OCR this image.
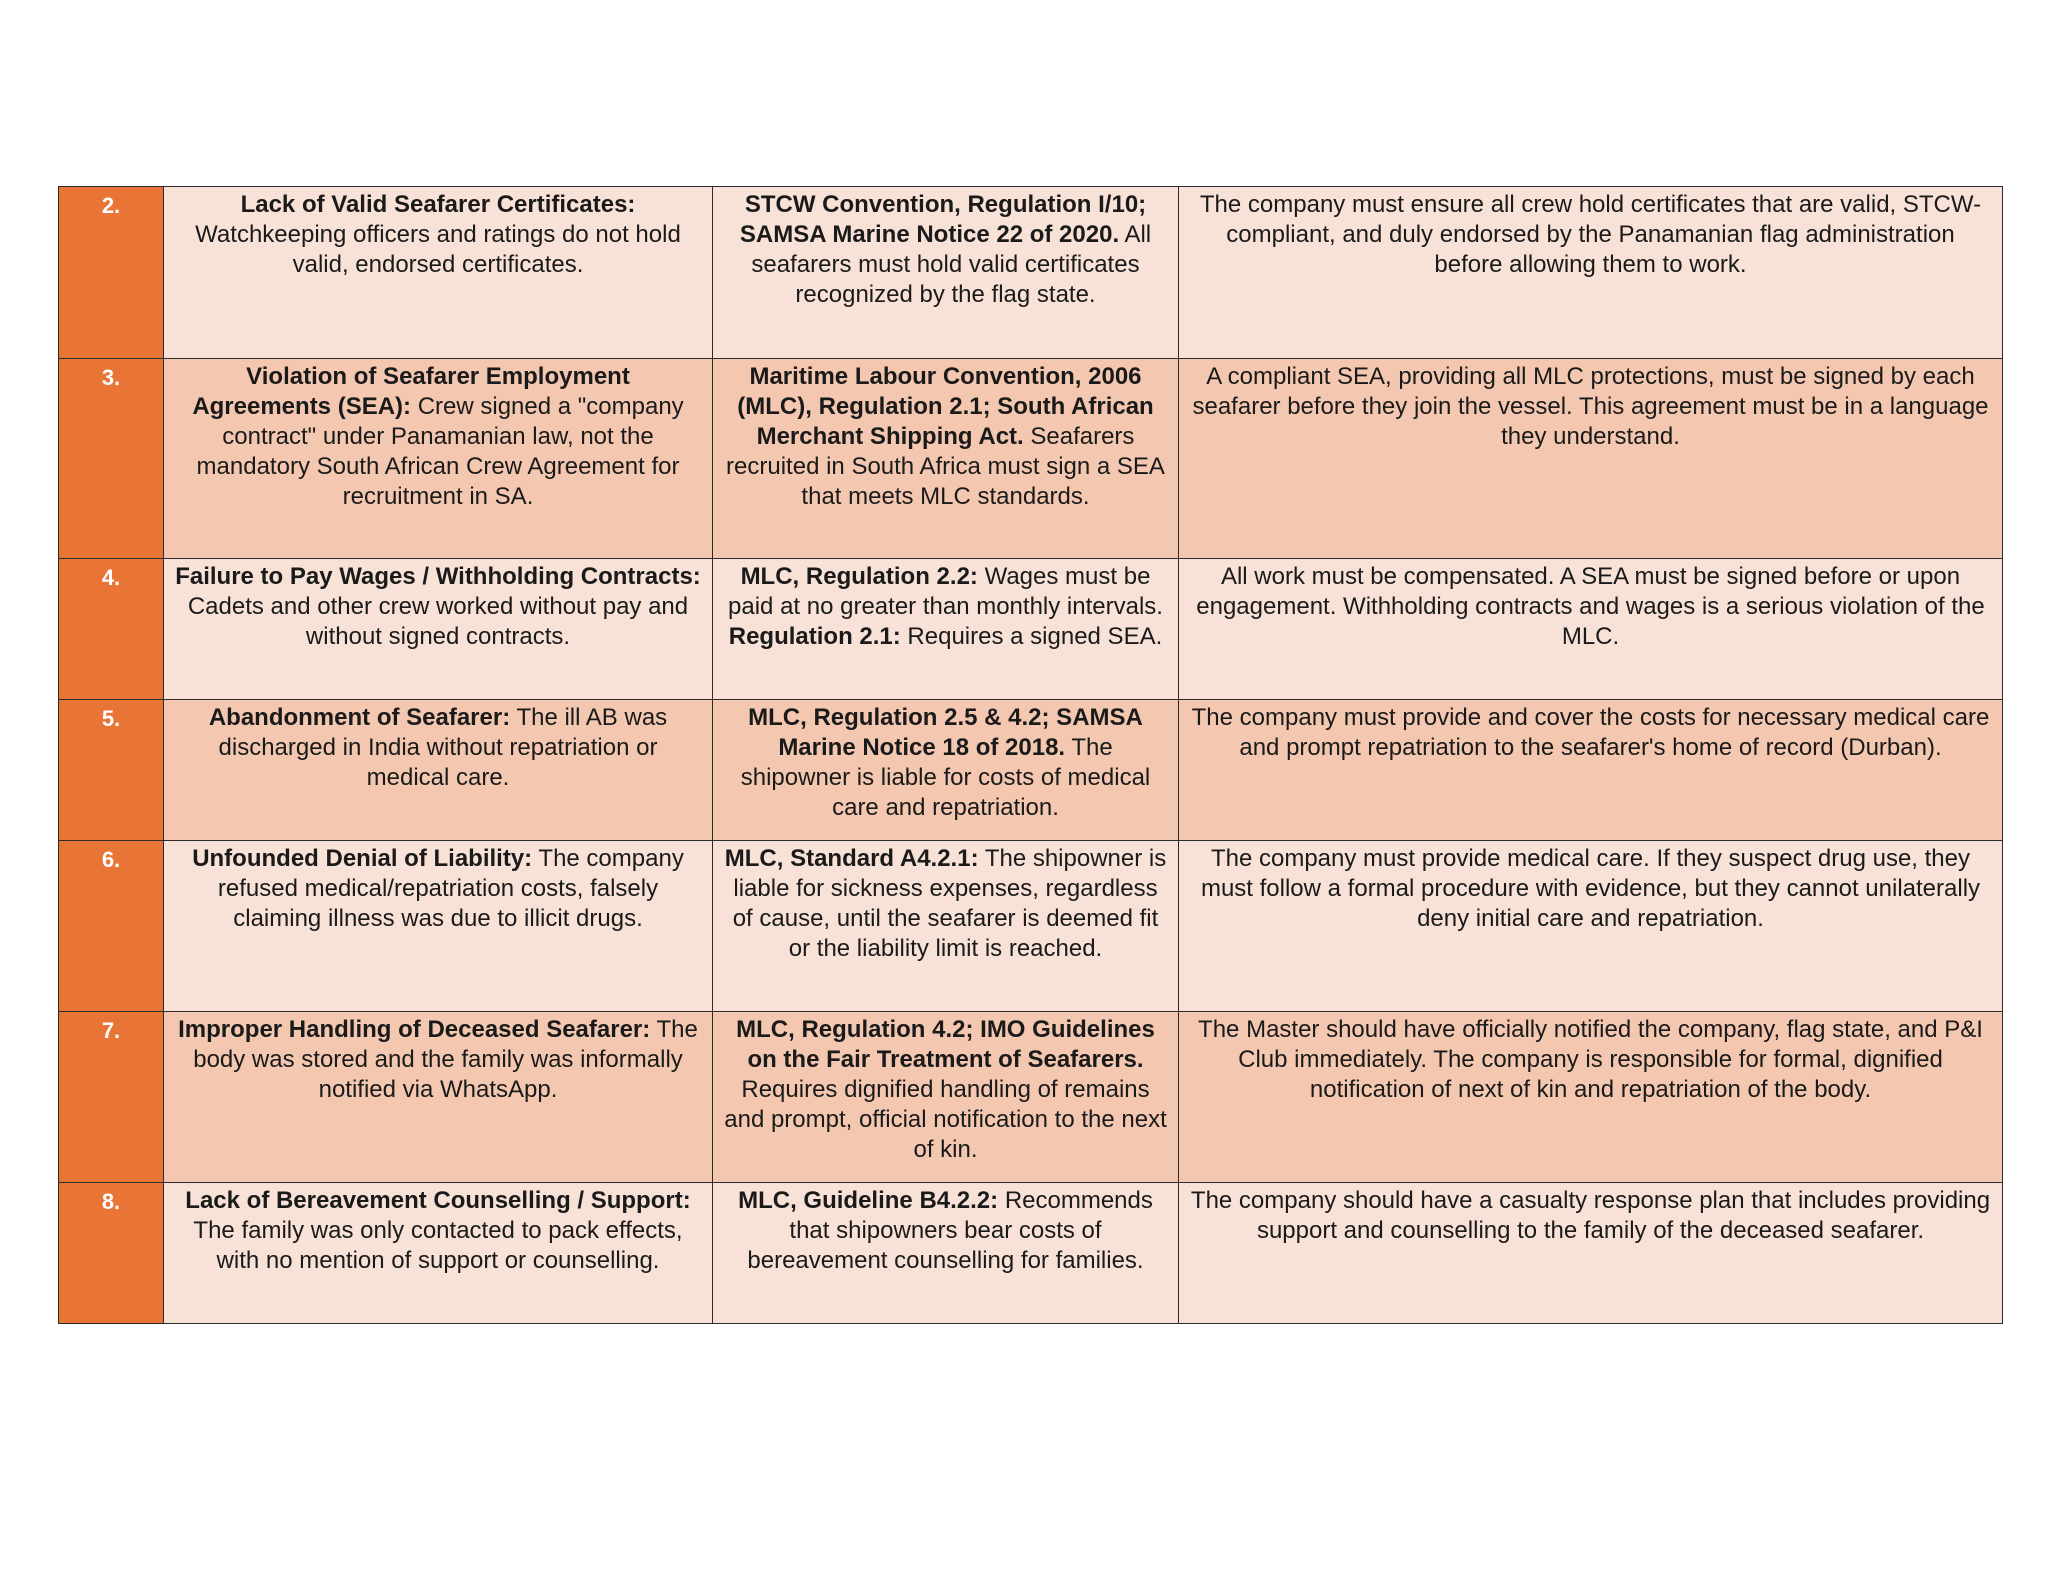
2.	Lack of Valid Seafarer Certificates: Watchkeeping officers and ratings do not hold valid, endorsed certificates.	STCW Convention, Regulation I/10; SAMSA Marine Notice 22 of 2020. All seafarers must hold valid certificates recognized by the flag state.	The company must ensure all crew hold certificates that are valid, STCW-compliant, and duly endorsed by the Panamanian flag administration before allowing them to work.
3.	Violation of Seafarer Employment Agreements (SEA): Crew signed a "company contract" under Panamanian law, not the mandatory South African Crew Agreement for recruitment in SA.	Maritime Labour Convention, 2006 (MLC), Regulation 2.1; South African Merchant Shipping Act. Seafarers recruited in South Africa must sign a SEA that meets MLC standards.	A compliant SEA, providing all MLC protections, must be signed by each seafarer before they join the vessel. This agreement must be in a language they understand.
4.	Failure to Pay Wages / Withholding Contracts: Cadets and other crew worked without pay and without signed contracts.	MLC, Regulation 2.2: Wages must be paid at no greater than monthly intervals. Regulation 2.1: Requires a signed SEA.	All work must be compensated. A SEA must be signed before or upon engagement. Withholding contracts and wages is a serious violation of the MLC.
5.	Abandonment of Seafarer: The ill AB was discharged in India without repatriation or medical care.	MLC, Regulation 2.5 & 4.2; SAMSA Marine Notice 18 of 2018. The shipowner is liable for costs of medical care and repatriation.	The company must provide and cover the costs for necessary medical care and prompt repatriation to the seafarer's home of record (Durban).
6.	Unfounded Denial of Liability: The company refused medical/repatriation costs, falsely claiming illness was due to illicit drugs.	MLC, Standard A4.2.1: The shipowner is liable for sickness expenses, regardless of cause, until the seafarer is deemed fit or the liability limit is reached.	The company must provide medical care. If they suspect drug use, they must follow a formal procedure with evidence, but they cannot unilaterally deny initial care and repatriation.
7.	Improper Handling of Deceased Seafarer: The body was stored and the family was informally notified via WhatsApp.	MLC, Regulation 4.2; IMO Guidelines on the Fair Treatment of Seafarers. Requires dignified handling of remains and prompt, official notification to the next of kin.	The Master should have officially notified the company, flag state, and P&I Club immediately. The company is responsible for formal, dignified notification of next of kin and repatriation of the body.
8.	Lack of Bereavement Counselling / Support: The family was only contacted to pack effects, with no mention of support or counselling.	MLC, Guideline B4.2.2: Recommends that shipowners bear costs of bereavement counselling for families.	The company should have a casualty response plan that includes providing support and counselling to the family of the deceased seafarer.
